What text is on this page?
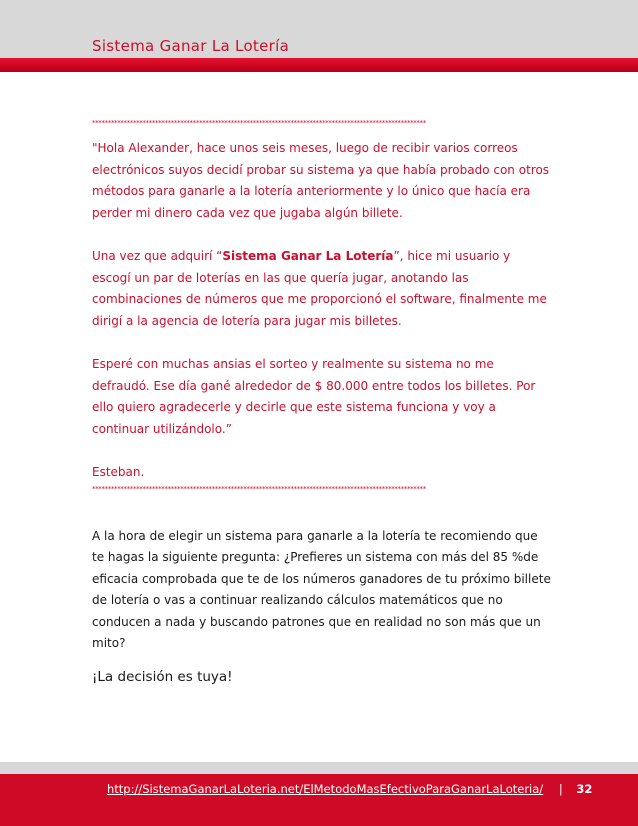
Sistema Ganar La Lotería
**********************************************************************************************************

"Hola Alexander, hace unos seis meses, luego de recibir varios correos electrónicos suyos decidí probar su sistema ya que había probado con otros métodos para ganarle a la lotería anteriormente y lo único que hacía era perder mi dinero cada vez que jugaba algún billete.

Una vez que adquirí “Sistema Ganar La Lotería”, hice mi usuario y escogí un par de loterías en las que quería jugar, anotando las combinaciones de números que me proporcionó el software, finalmente me dirigí a la agencia de lotería para jugar mis billetes.

Esperé con muchas ansias el sorteo y realmente su sistema no me defraudó. Ese día gané alrededor de $ 80.000 entre todos los billetes. Por ello quiero agradecerle y decirle que este sistema funciona y voy a continuar utilizándolo.”

Esteban.

**********************************************************************************************************

A la hora de elegir un sistema para ganarle a la lotería te recomiendo que te hagas la siguiente pregunta: ¿Prefieres un sistema con más del 85 %de eficacia comprobada que te de los números ganadores de tu próximo billete de lotería o vas a continuar realizando cálculos matemáticos que no conducen a nada y buscando patrones que en realidad no son más que un mito?

¡La decisión es tuya!

http://SistemaGanarLaLoteria.net/ElMetodoMasEfectivoParaGanarLaLoteria/ | 32
